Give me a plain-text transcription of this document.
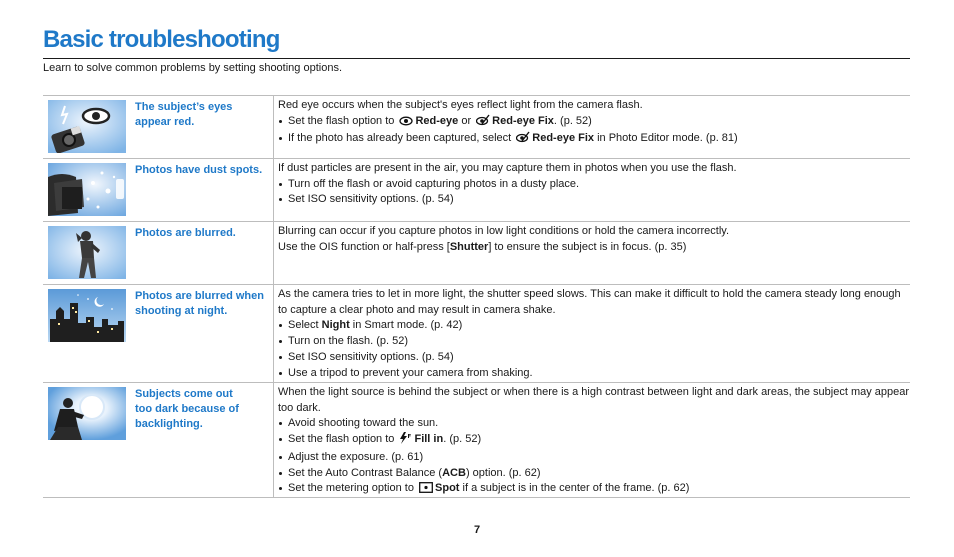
Basic troubleshooting

Learn to solve common problems by setting shooting options.

The subject’s eyes appear red.

Red eye occurs when the subject's eyes reflect light from the camera flash.

Set the flash option to Red-eye or Red-eye Fix. (p. 52)

If the photo has already been captured, select Red-eye Fix in Photo Editor mode. (p. 81)

Photos have dust spots.	If dust particles are present in the air, you may capture them in photos when you use the flash.

Turn off the flash or avoid capturing photos in a dusty place.

Set ISO sensitivity options. (p. 54)

Photos are blurred.	Blurring can occur if you capture photos in low light conditions or hold the camera incorrectly.

Use the OIS function or half-press [Shutter] to ensure the subject is in focus. (p. 35)

Photos are blurred when shooting at night.

As the camera tries to let in more light, the shutter speed slows. This can make it difficult to hold the camera steady long enough to capture a clear photo and may result in camera shake.

Select Night in Smart mode. (p. 42)

Turn on the flash. (p. 52)

Set ISO sensitivity options. (p. 54)

Use a tripod to prevent your camera from shaking.

Subjects come out too dark because of backlighting.

When the light source is behind the subject or when there is a high contrast between light and dark areas, the subject may appear too dark.

Avoid shooting toward the sun.

Set the flash option to F Fill in. (p. 52)

Adjust the exposure. (p. 61)

Set the Auto Contrast Balance (ACB) option. (p. 62)

Set the metering option to Spot if a subject is in the center of the frame. (p. 62)

7
